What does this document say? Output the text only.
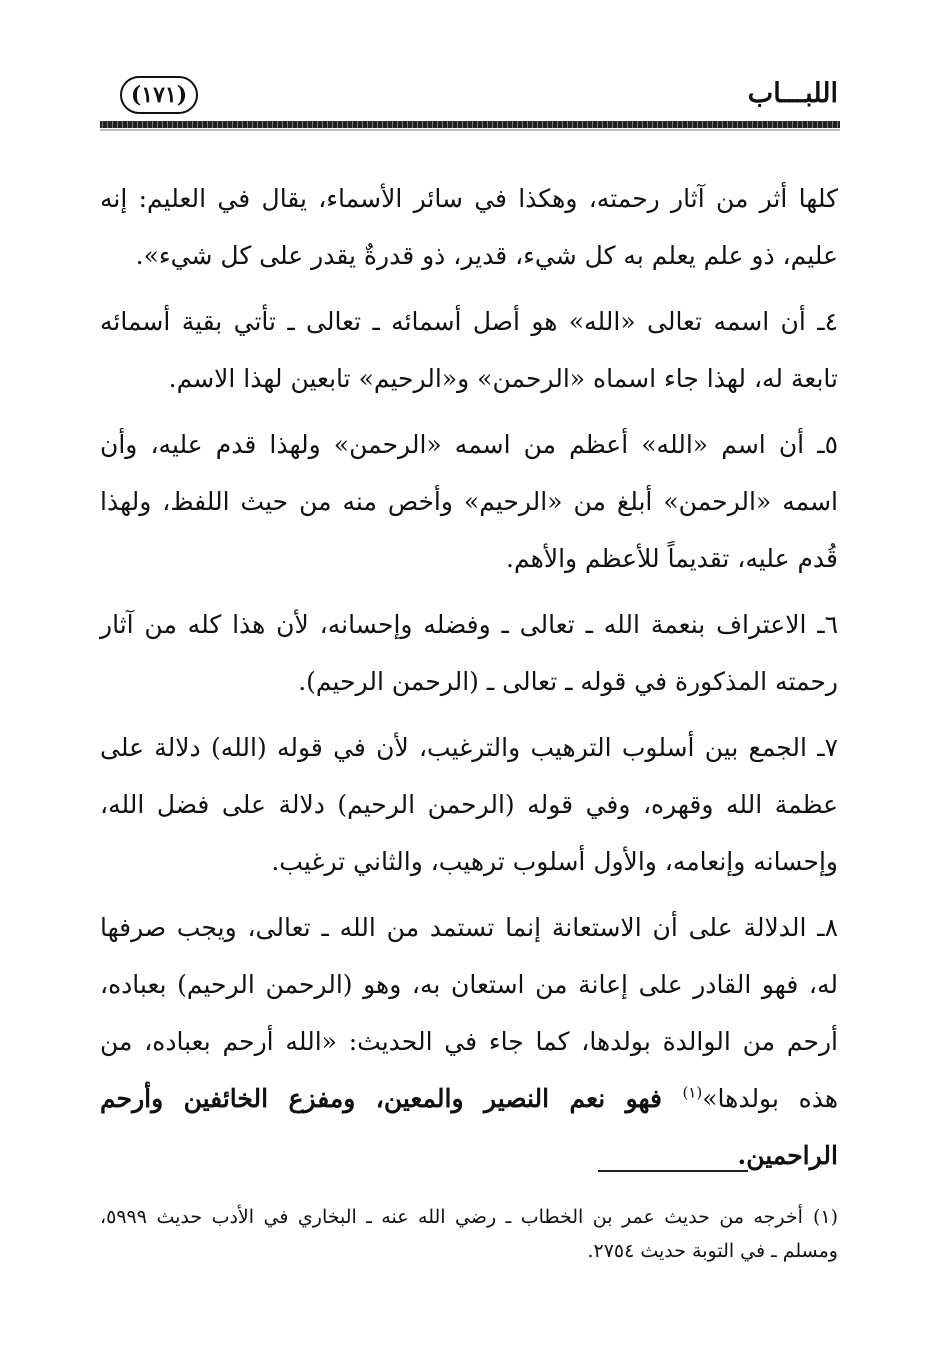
اللبـــاب
(١٧١)

كلها أثر من آثار رحمته، وهكذا في سائر الأسماء، يقال في العليم: إنه عليم، ذو علم يعلم به كل شيء، قدير، ذو قدرةٌ يقدر على كل شيء».

٤ـ أن اسمه تعالى «الله» هو أصل أسمائه ـ تعالى ـ تأتي بقية أسمائه تابعة له، لهذا جاء اسماه «الرحمن» و«الرحيم» تابعين لهذا الاسم.

٥ـ أن اسم «الله» أعظم من اسمه «الرحمن» ولهذا قدم عليه، وأن اسمه «الرحمن» أبلغ من «الرحيم» وأخص منه من حيث اللفظ، ولهذا قُدم عليه، تقديماً للأعظم والأهم.

٦ـ الاعتراف بنعمة الله ـ تعالى ـ وفضله وإحسانه، لأن هذا كله من آثار رحمته المذكورة في قوله ـ تعالى ـ (الرحمن الرحيم).

٧ـ الجمع بين أسلوب الترهيب والترغيب، لأن في قوله (الله) دلالة على عظمة الله وقهره، وفي قوله (الرحمن الرحيم) دلالة على فضل الله، وإحسانه وإنعامه، والأول أسلوب ترهيب، والثاني ترغيب.

٨ـ الدلالة على أن الاستعانة إنما تستمد من الله ـ تعالى، ويجب صرفها له، فهو القادر على إعانة من استعان به، وهو (الرحمن الرحيم) بعباده، أرحم من الوالدة بولدها، كما جاء في الحديث: «الله أرحم بعباده، من هذه بولدها»$^{(١)}$ فهو نعم النصير والمعين، ومفزع الخائفين وأرحم الراحمين.

(١)أخرجه من حديث عمر بن الخطاب ـ رضي الله عنه ـ البخاري في الأدب حديث ٥٩٩٩، ومسلم ـ في التوبة حديث ٢٧٥٤.
